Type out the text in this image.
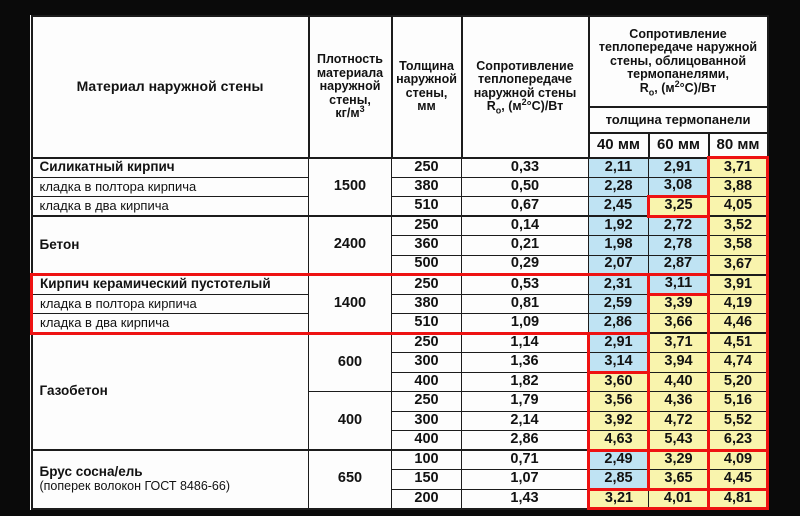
Материал наружной стены	Плотность
материала
наружной
стены,
$кг/м^3$	Толщина
наружной
стены,
мм	Сопротивление
теплопередаче
наружной стены
$R_о$, $(м^2^\circ С)/Вт$	Сопротивление
теплопередаче наружной
стены, облицованной
термопанелями,
$R_о$, $(м^2^\circ С)/Вт$		
				толщина термопанели		
				40 мм	60 мм	80 мм
Силикатный кирпич	1500	250	0,33	2,11	2,91	3,71
кладка в полтора кирпича		380	0,50	2,28	3,08	3,88
кладка в два кирпича		510	0,67	2,45	3,25	4,05
Бетон	2400	250	0,14	1,92	2,72	3,52
		360	0,21	1,98	2,78	3,58
		500	0,29	2,07	2,87	3,67
Кирпич керамический пустотелый	1400	250	0,53	2,31	3,11	3,91
кладка в полтора кирпича		380	0,81	2,59	3,39	4,19
кладка в два кирпича		510	1,09	2,86	3,66	4,46
Газобетон	600	250	1,14	2,91	3,71	4,51
		300	1,36	3,14	3,94	4,74
		400	1,82	3,60	4,40	5,20
	400	250	1,79	3,56	4,36	5,16
		300	2,14	3,92	4,72	5,52
		400	2,86	4,63	5,43	6,23
Брус сосна/ель
(поперек волокон ГОСТ 8486-66)	650	100	0,71	2,49	3,29	4,09
		150	1,07	2,85	3,65	4,45
		200	1,43	3,21	4,01	4,81
